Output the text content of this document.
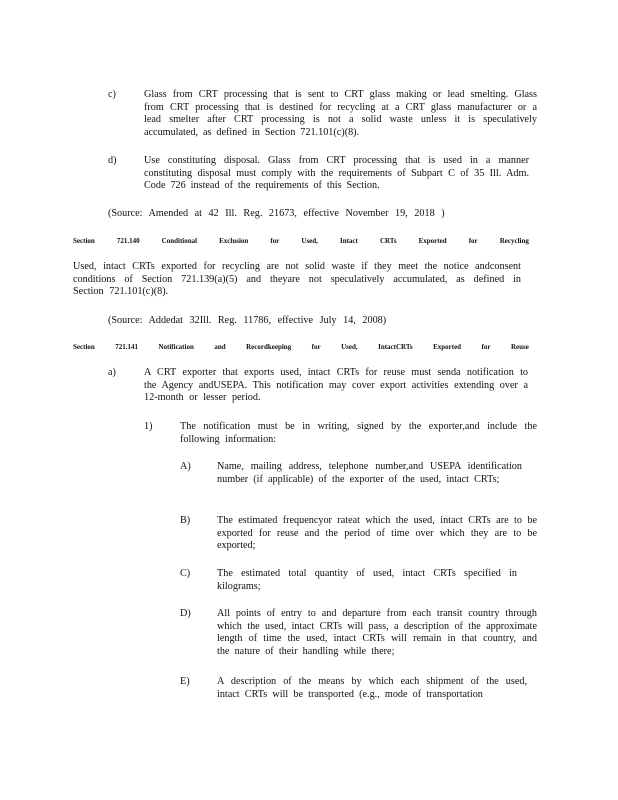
c)	Glass from CRT processing that is sent to CRT glass making or lead smelting. Glass from CRT processing that is destined for recycling at a CRT glass manufacturer or a lead smelter after CRT processing is not a solid waste unless it is speculatively accumulated, as defined in Section 721.101(c)(8).
d)	Use constituting disposal. Glass from CRT processing that is used in a manner constituting disposal must comply with the requirements of Subpart C of 35 Ill. Adm. Code 726 instead of the requirements of this Section.
(Source: Amended at 42 Ill. Reg. 21673, effective November 19, 2018 )
Section	721.140	Conditional	Exclusion	for	Used,	Intact	CRTs	Exported	for	Recycling
Used, intact CRTs exported for recycling are not solid waste if they meet the notice andconsent conditions of Section 721.139(a)(5) and theyare not speculatively accumulated, as defined in Section 721.101(c)(8).
(Source: Addedat 32Ill. Reg. 11786, effective July 14, 2008)
Section	721.141	Notification	and	Recordkeeping	for	Used,	IntactCRTs	Exported	for	Reuse
a)	A CRT exporter that exports used, intact CRTs for reuse must senda notification to the Agency andUSEPA. This notification may cover export activities extending over a 12-month or lesser period.
1)	The notification must be in writing, signed by the exporter,and include the following information:
A)	Name, mailing address, telephone number,and USEPA identification number (if applicable) of the exporter of the used, intact CRTs;
B)	The estimated frequencyor rateat which the used, intact CRTs are to be exported for reuse and the period of time over which they are to be exported;
C)	The estimated total quantity of used, intact CRTs specified in kilograms;
D)	All points of entry to and departure from each transit country through which the used, intact CRTs will pass, a description of the approximate length of time the used, intact CRTs will remain in that country, and the nature of their handling while there;
E)	A description of the means by which each shipment of the used, intact CRTs will be transported (e.g., mode of transportation
